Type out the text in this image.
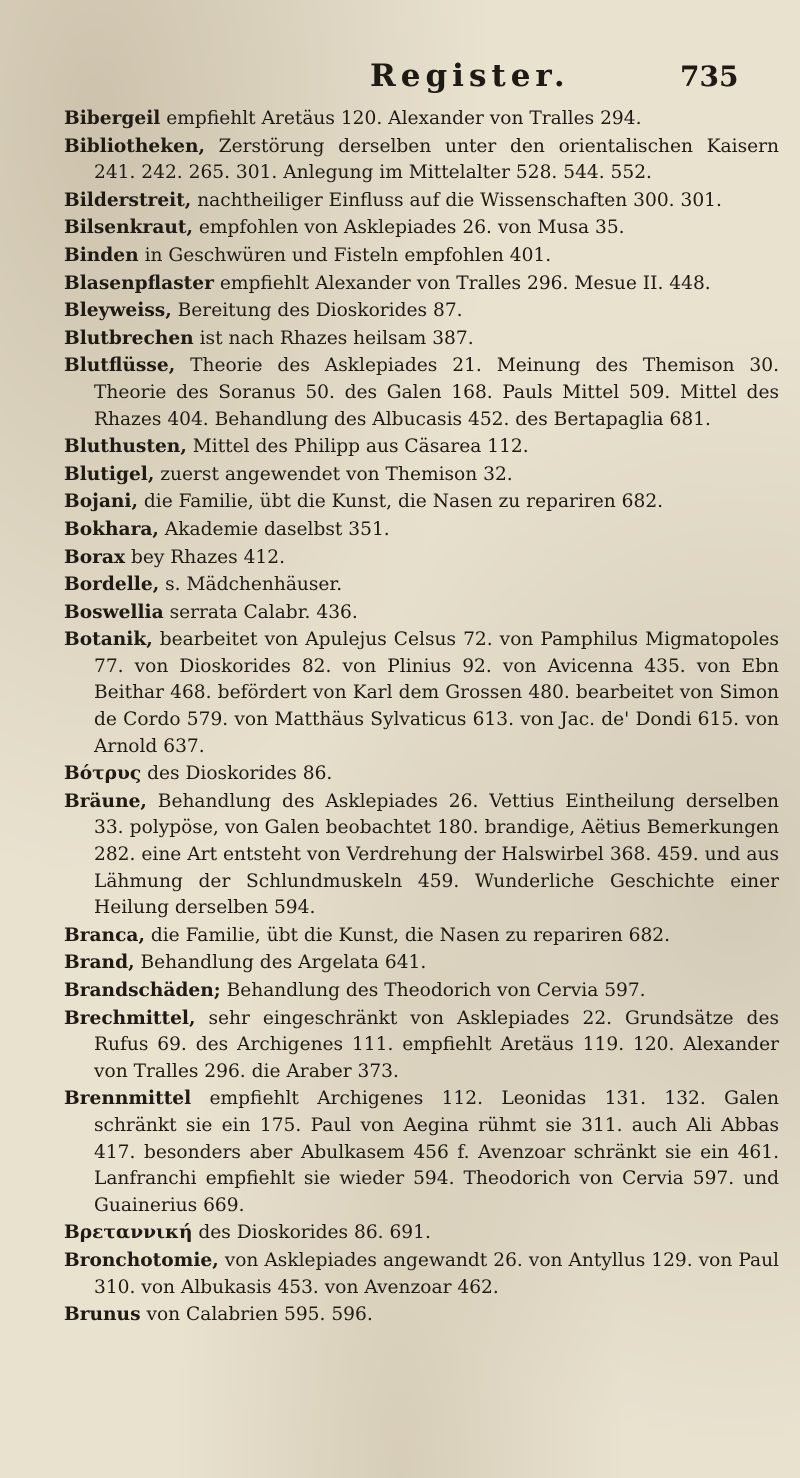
Register.	735

Bibergeil empfiehlt Aretäus 120. Alexander von Tralles 294.

Bibliotheken, Zerstörung derselben unter den orientalischen Kaisern 241. 242. 265. 301. Anlegung im Mittelalter 528. 544. 552.

Bilderstreit, nachtheiliger Einfluss auf die Wissenschaften 300. 301.

Bilsenkraut, empfohlen von Asklepiades 26. von Musa 35.

Binden in Geschwüren und Fisteln empfohlen 401.

Blasenpflaster empfiehlt Alexander von Tralles 296. Mesue II. 448.

Bleyweiss, Bereitung des Dioskorides 87.

Blutbrechen ist nach Rhazes heilsam 387.

Blutflüsse, Theorie des Asklepiades 21. Meinung des Themison 30. Theorie des Soranus 50. des Galen 168. Pauls Mittel 509. Mittel des Rhazes 404. Behandlung des Albucasis 452. des Bertapaglia 681.

Bluthusten, Mittel des Philipp aus Cäsarea 112.

Blutigel, zuerst angewendet von Themison 32.

Bojani, die Familie, übt die Kunst, die Nasen zu repariren 682.

Bokhara, Akademie daselbst 351.

Borax bey Rhazes 412.

Bordelle, s. Mädchenhäuser.

Boswellia serrata Calabr. 436.

Botanik, bearbeitet von Apulejus Celsus 72. von Pamphilus Migmatopoles 77. von Dioskorides 82. von Plinius 92. von Avicenna 435. von Ebn Beithar 468. befördert von Karl dem Grossen 480. bearbeitet von Simon de Cordo 579. von Matthäus Sylvaticus 613. von Jac. de' Dondi 615. von Arnold 637.

Βότρυς des Dioskorides 86.

Bräune, Behandlung des Asklepiades 26. Vettius Eintheilung derselben 33. polypöse, von Galen beobachtet 180. brandige, Aëtius Bemerkungen 282. eine Art entsteht von Verdrehung der Halswirbel 368. 459. und aus Lähmung der Schlundmuskeln 459. Wunderliche Geschichte einer Heilung derselben 594.

Branca, die Familie, übt die Kunst, die Nasen zu repariren 682.

Brand, Behandlung des Argelata 641.

Brandschäden; Behandlung des Theodorich von Cervia 597.

Brechmittel, sehr eingeschränkt von Asklepiades 22. Grundsätze des Rufus 69. des Archigenes 111. empfiehlt Aretäus 119. 120. Alexander von Tralles 296. die Araber 373.

Brennmittel empfiehlt Archigenes 112. Leonidas 131. 132. Galen schränkt sie ein 175. Paul von Aegina rühmt sie 311. auch Ali Abbas 417. besonders aber Abulkasem 456 f. Avenzoar schränkt sie ein 461. Lanfranchi empfiehlt sie wieder 594. Theodorich von Cervia 597. und Guainerius 669.

Βρεταννική des Dioskorides 86. 691.

Bronchotomie, von Asklepiades angewandt 26. von Antyllus 129. von Paul 310. von Albukasis 453. von Avenzoar 462.

Brunus von Calabrien 595. 596.
